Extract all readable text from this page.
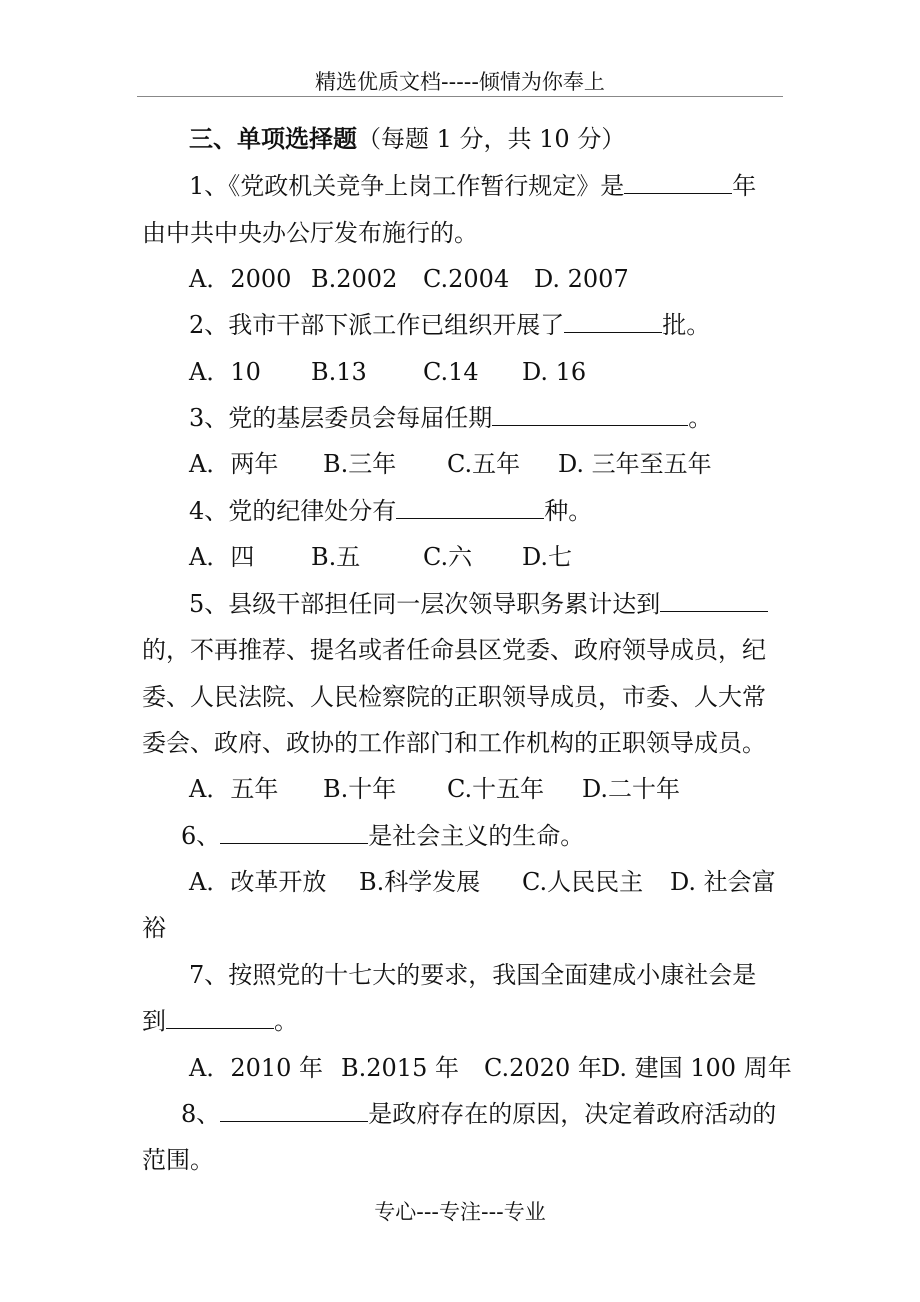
精选优质文档-----倾情为你奉上
三、单项选择题（每题 1 分，共 10 分）
1、《党政机关竞争上岗工作暂行规定》是	年
由中共中央办公厅发布施行的。
A．2000 B.2002 C.2004 D. 2007
2、我市干部下派工作已组织开展了	批。
A．10 B.13 C.14 D. 16
3、党的基层委员会每届任期	。
A．两年 B.三年 C.五年 D. 三年至五年
4、党的纪律处分有	种。
A．四 B.五	C.六 D.七
5、县级干部担任同一层次领导职务累计达到
的，不再推荐、提名或者任命县区党委、政府领导成员，纪
委、人民法院、人民检察院的正职领导成员，市委、人大常
委会、政府、政协的工作部门和工作机构的正职领导成员。
A．五年 B.十年 C.十五年 D.二十年
6、	是社会主义的生命。
A．改革开放 B.科学发展 C.人民民主 D. 社会富
裕
7、按照党的十七大的要求，我国全面建成小康社会是
到	。
A．2010 年 B.2015 年 C.2020 年 D. 建国 100 周年
8、	是政府存在的原因，决定着政府活动的
范围。
专心---专注---专业
